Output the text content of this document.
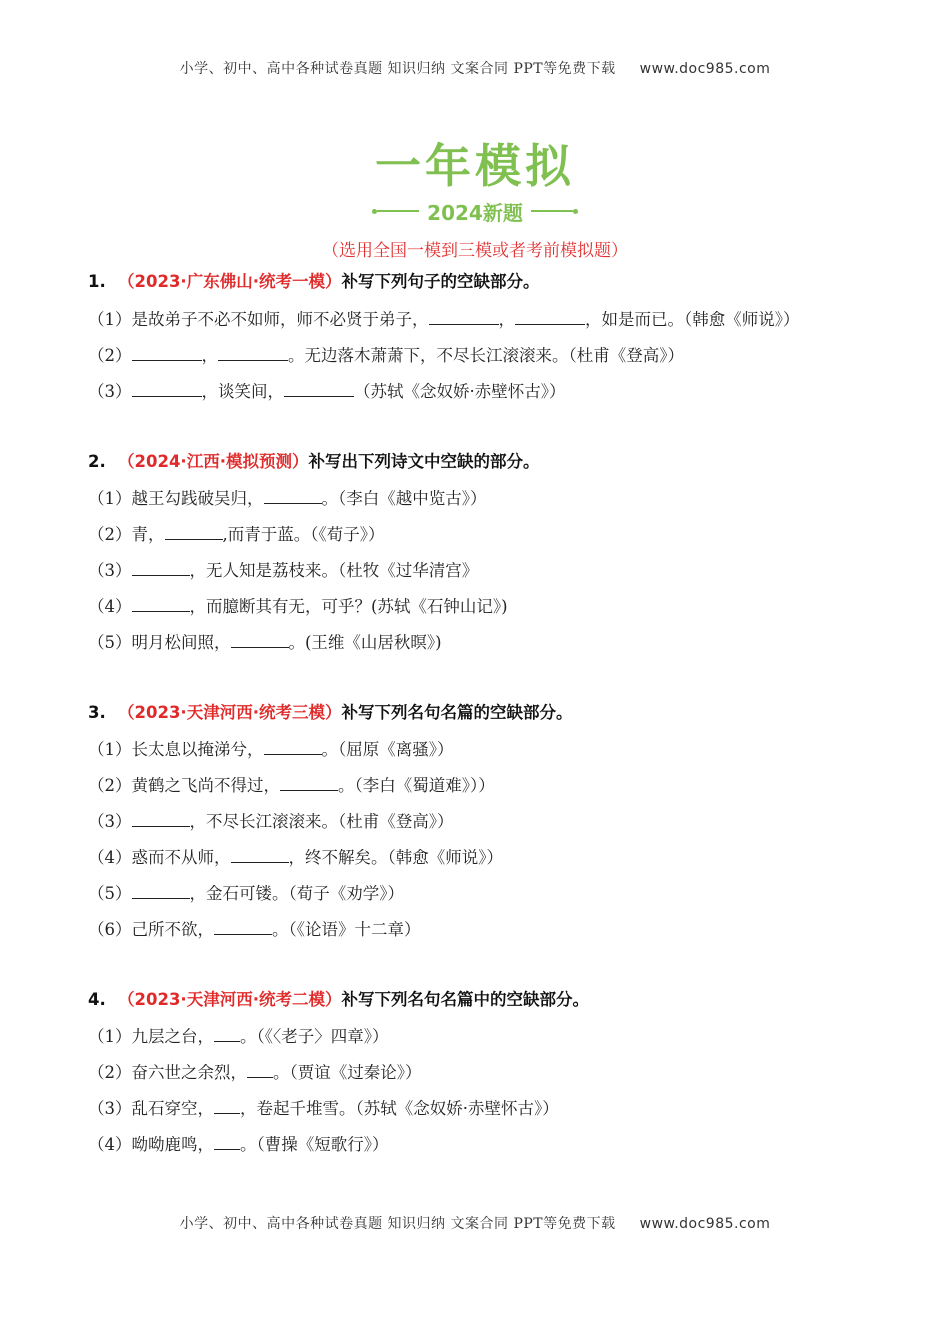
小学、初中、高中各种试卷真题 知识归纳 文案合同 PPT等免费下载 www.doc985.com
一年模拟
2024新题
（选用全国一模到三模或者考前模拟题）
1. （2023·广东佛山·统考一模）补写下列句子的空缺部分。
（1）是故弟子不必不如师，师不必贤于弟子，	，	，如是而已。（韩愈《师说》）
（2）	，	。无边落木萧萧下，不尽长江滚滚来。（杜甫《登高》）
（3）	，谈笑间，	（苏轼《念奴娇·赤壁怀古》）
2. （2024·江西·模拟预测）补写出下列诗文中空缺的部分。
（1）越王勾践破吴归，	。（李白《越中览古》）
（2）青，	,而青于蓝。（《荀子》）
（3）	，无人知是荔枝来。（杜牧《过华清宫》
（4）	，而臆断其有无，可乎？(苏轼《石钟山记》)
（5）明月松间照，	。(王维《山居秋暝》)
3. （2023·天津河西·统考三模）补写下列名句名篇的空缺部分。
（1）长太息以掩涕兮，	。（屈原《离骚》）
（2）黄鹤之飞尚不得过，	。（李白《蜀道难》））
（3）	，不尽长江滚滚来。（杜甫《登高》）
（4）惑而不从师，	，终不解矣。（韩愈《师说》）
（5）	，金石可镂。（荀子《劝学》）
（6）己所不欲，	。（《论语》十二章）
4. （2023·天津河西·统考二模）补写下列名句名篇中的空缺部分。
（1）九层之台， 。（《〈老子〉四章》）
（2）奋六世之余烈， 。（贾谊《过秦论》）
（3）乱石穿空， ，卷起千堆雪。（苏轼《念奴娇·赤壁怀古》）
（4）呦呦鹿鸣， 。（曹操《短歌行》）
小学、初中、高中各种试卷真题 知识归纳 文案合同 PPT等免费下载 www.doc985.com
